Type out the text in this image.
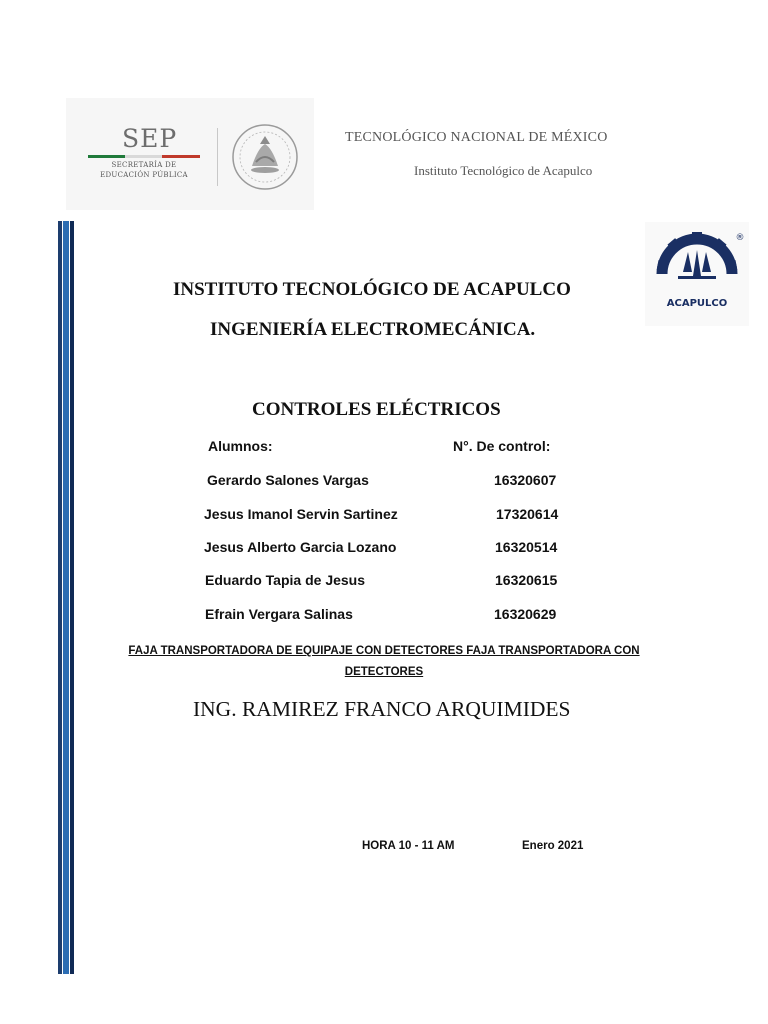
SEP
SECRETARÍA DE
EDUCACIÓN PÚBLICA
TECNOLÓGICO NACIONAL DE MÉXICO
Instituto Tecnológico de Acapulco
ACAPULCO
®
INSTITUTO TECNOLÓGICO DE ACAPULCO
INGENIERÍA ELECTROMECÁNICA.
CONTROLES ELÉCTRICOS
Alumnos:	N°. De control:
Gerardo Salones Vargas	16320607
Jesus Imanol Servin Sartinez	17320614
Jesus Alberto Garcia Lozano	16320514
Eduardo Tapia de Jesus	16320615
Efrain Vergara Salinas	16320629
FAJA TRANSPORTADORA DE EQUIPAJE CON DETECTORES FAJA TRANSPORTADORA CON
DETECTORES
ING. RAMIREZ FRANCO ARQUIMIDES
HORA 10 - 11 AM	Enero 2021
